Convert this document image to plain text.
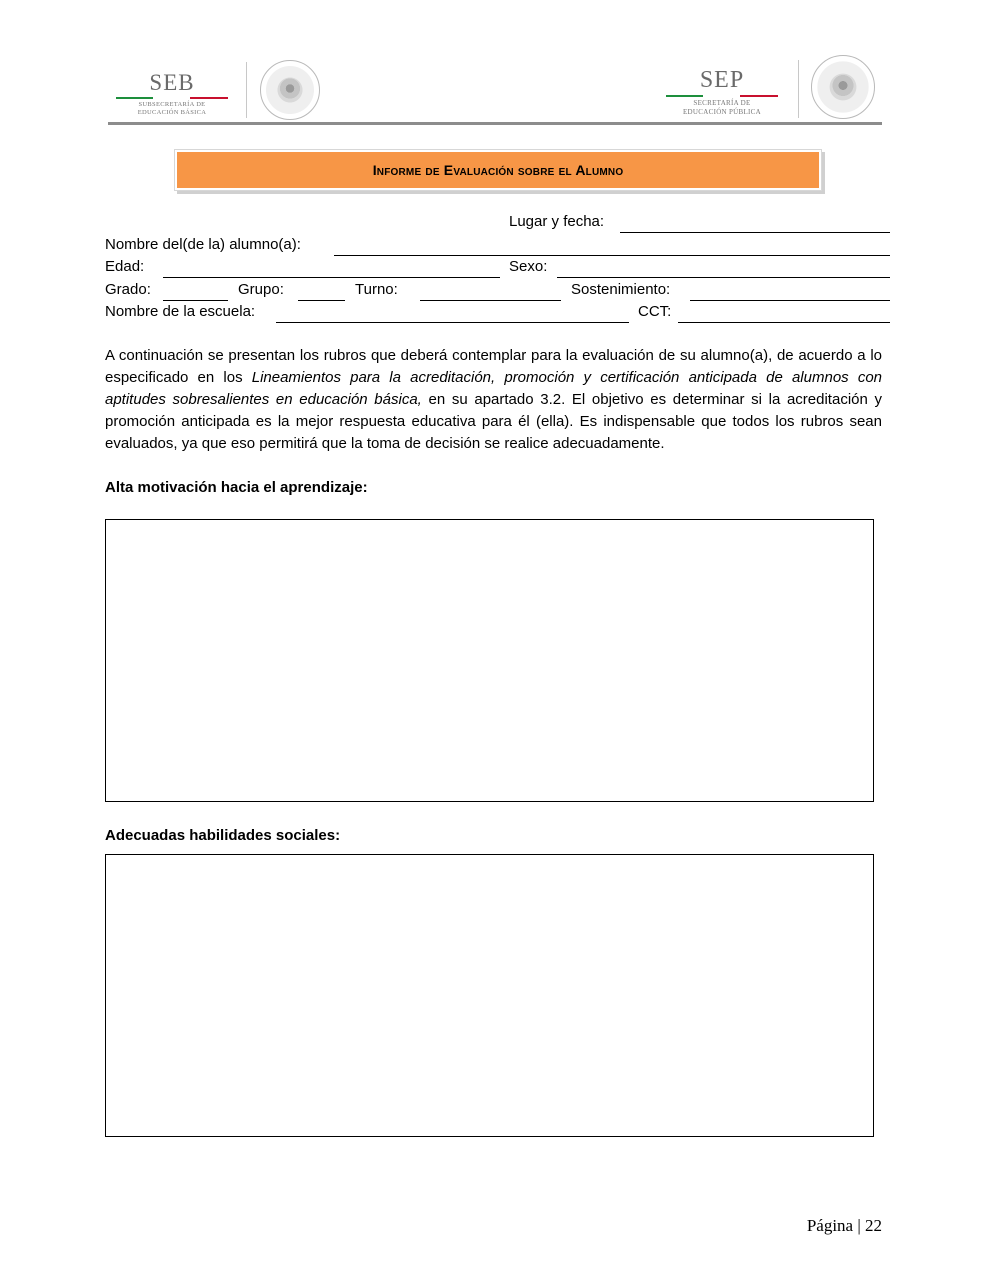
SEB
SUBSECRETARÍA DE
EDUCACIÓN BÁSICA
SEP
SECRETARÍA DE
EDUCACIÓN PÚBLICA
Informe de Evaluación sobre el Alumno
Lugar y fecha:
Nombre del(de la) alumno(a):
Edad:	Sexo:
Grado:	Grupo:	Turno:	Sostenimiento:
Nombre de la escuela:	CCT:

A continuación se presentan los rubros que deberá contemplar para la evaluación de su alumno(a), de acuerdo a lo especificado en los Lineamientos para la acreditación, promoción y certificación anticipada de alumnos con aptitudes sobresalientes en educación básica, en su apartado 3.2. El objetivo es determinar si la acreditación y promoción anticipada es la mejor respuesta educativa para él (ella). Es indispensable que todos los rubros sean evaluados, ya que eso permitirá que la toma de decisión se realice adecuadamente.

Alta motivación hacia el aprendizaje:
Adecuadas habilidades sociales:
Página | 22
